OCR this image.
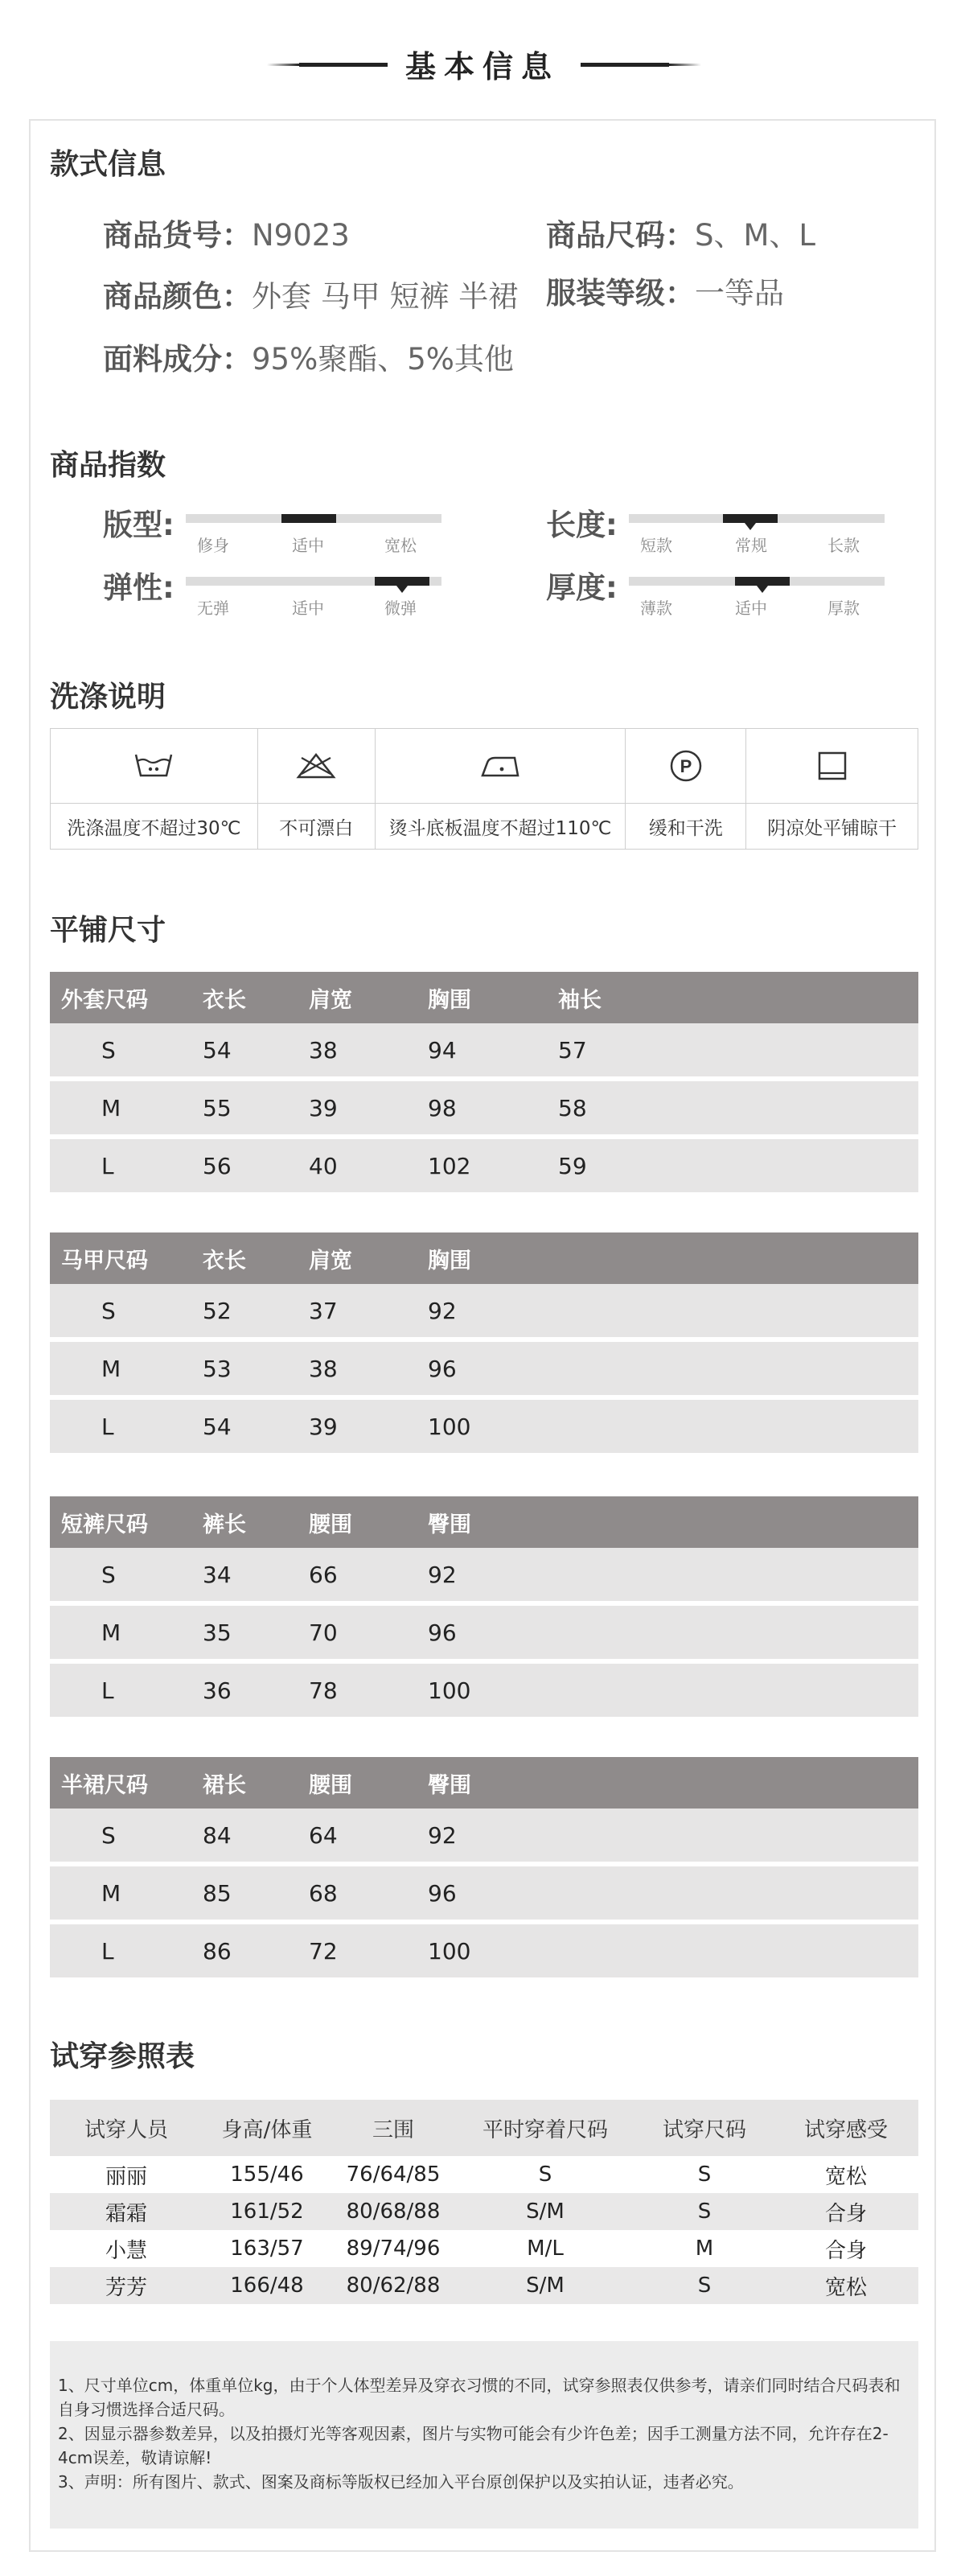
基本信息
款式信息
商品货号：N9023	商品尺码：S、M、L
商品颜色：外套 马甲 短裤 半裙 服装等级：一等品
面料成分：95%聚酯、5%其他
商品指数
版型:
修身	适中	宽松
长度:
短款	常规	长款
弹性:
无弹	适中	微弹
厚度:
薄款	适中	厚款
洗涤说明

P

洗涤温度不超过30℃	不可漂白	烫斗底板温度不超过110℃	缓和干洗	阴凉处平铺晾干
平铺尺寸
外套尺码	衣长	肩宽	胸围	袖长
S	54	38	94	57
M	55	39	98	58
L	56	40	102	59
马甲尺码	衣长	肩宽	胸围
S	52	37	92
M	53	38	96
L	54	39	100
短裤尺码	裤长	腰围	臀围
S	34	66	92
M	35	70	96
L	36	78	100
半裙尺码	裙长	腰围	臀围
S	84	64	92
M	85	68	96
L	86	72	100
试穿参照表
试穿人员	身高/体重	三围	平时穿着尺码	试穿尺码	试穿感受
丽丽	155/46	76/64/85	S	S	宽松
霜霜	161/52	80/68/88	S/M	S	合身
小慧	163/57	89/74/96	M/L	M	合身
芳芳	166/48	80/62/88	S/M	S	宽松

1、尺寸单位cm，体重单位kg，由于个人体型差异及穿衣习惯的不同，试穿参照表仅供参考，请亲们同时结合尺码表和自身习惯选择合适尺码。

2、因显示器参数差异，以及拍摄灯光等客观因素，图片与实物可能会有少许色差；因手工测量方法不同，允许存在2-4cm误差，敬请谅解!

3、声明：所有图片、款式、图案及商标等版权已经加入平台原创保护以及实拍认证，违者必究。
